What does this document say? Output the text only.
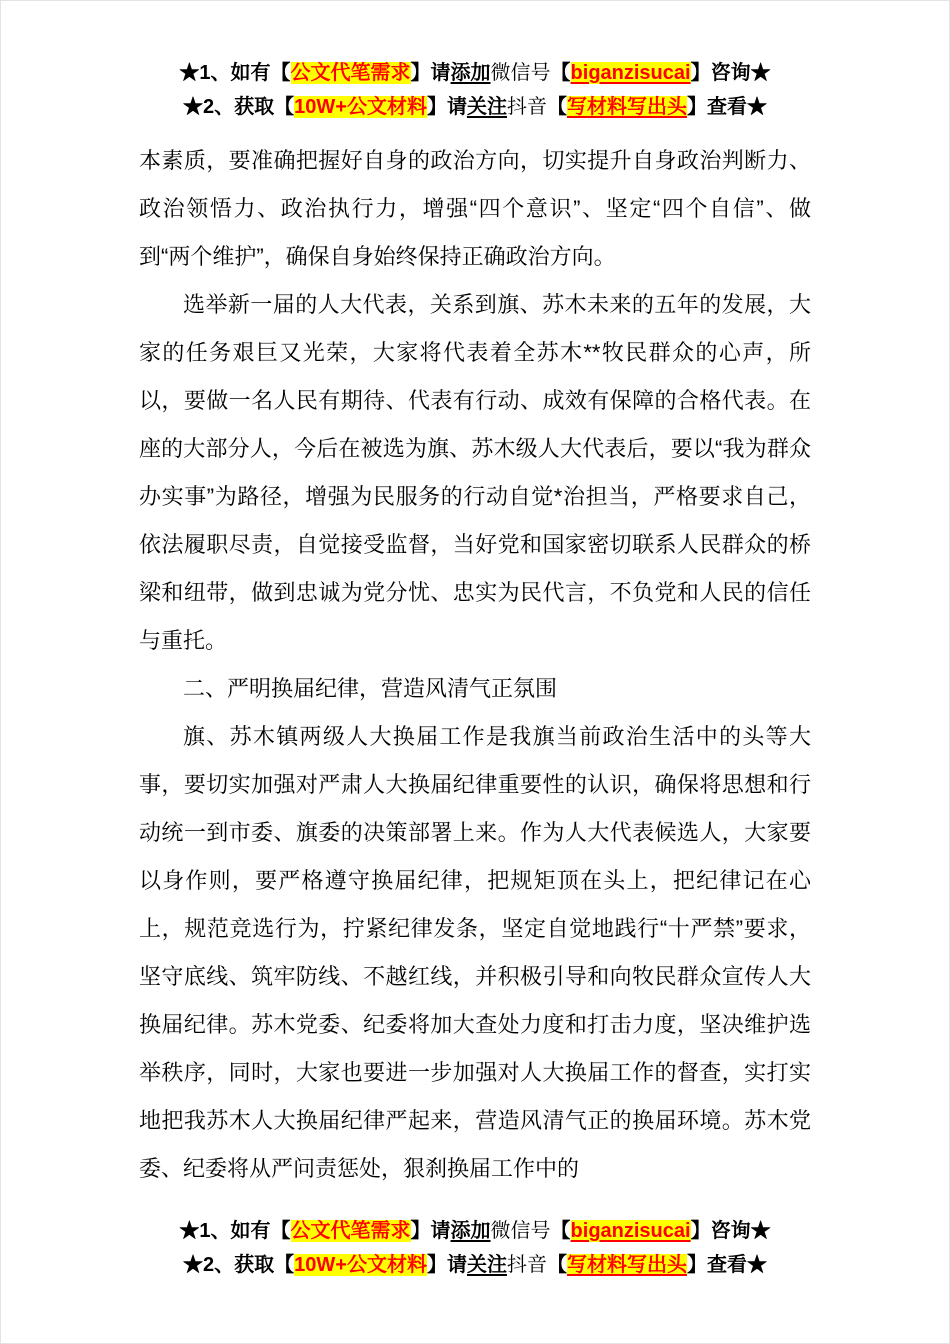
★1、如有【公文代笔需求】请添加微信号【biganzisucai】咨询★
★2、获取【10W+公文材料】请关注抖音【写材料写出头】查看★

本素质，要准确把握好自身的政治方向，切实提升自身政治判断力、政治领悟力、政治执行力，增强“四个意识”、坚定“四个自信”、做到“两个维护”，确保自身始终保持正确政治方向。

选举新一届的人大代表，关系到旗、苏木未来的五年的发展，大家的任务艰巨又光荣，大家将代表着全苏木**牧民群众的心声，所以，要做一名人民有期待、代表有行动、成效有保障的合格代表。在座的大部分人，今后在被选为旗、苏木级人大代表后，要以“我为群众办实事”为路径，增强为民服务的行动自觉*治担当，严格要求自己，依法履职尽责，自觉接受监督，当好党和国家密切联系人民群众的桥梁和纽带，做到忠诚为党分忧、忠实为民代言，不负党和人民的信任与重托。

二、严明换届纪律，营造风清气正氛围

旗、苏木镇两级人大换届工作是我旗当前政治生活中的头等大事，要切实加强对严肃人大换届纪律重要性的认识，确保将思想和行动统一到市委、旗委的决策部署上来。作为人大代表候选人，大家要以身作则，要严格遵守换届纪律，把规矩顶在头上，把纪律记在心上，规范竞选行为，拧紧纪律发条，坚定自觉地践行“十严禁”要求，坚守底线、筑牢防线、不越红线，并积极引导和向牧民群众宣传人大换届纪律。苏木党委、纪委将加大查处力度和打击力度，坚决维护选举秩序，同时，大家也要进一步加强对人大换届工作的督查，实打实地把我苏木人大换届纪律严起来，营造风清气正的换届环境。苏木党委、纪委将从严问责惩处，狠刹换届工作中的

★1、如有【公文代笔需求】请添加微信号【biganzisucai】咨询★
★2、获取【10W+公文材料】请关注抖音【写材料写出头】查看★
